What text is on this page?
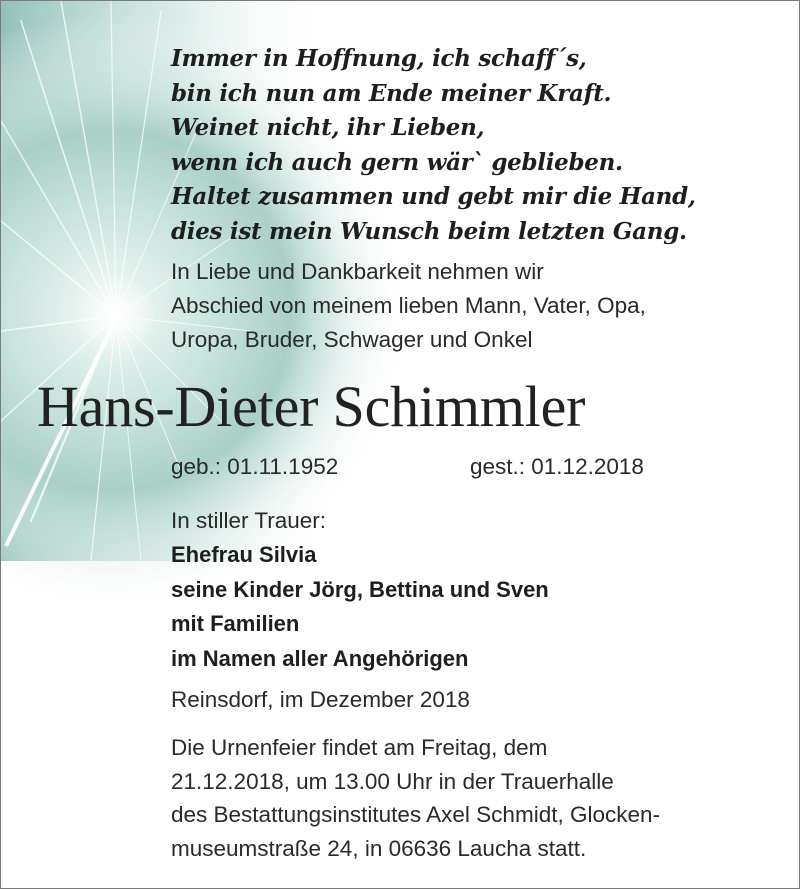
Immer in Hoffnung, ich schaff´s,
bin ich nun am Ende meiner Kraft.
Weinet nicht, ihr Lieben,
wenn ich auch gern wär` geblieben.
Haltet zusammen und gebt mir die Hand,
dies ist mein Wunsch beim letzten Gang.
In Liebe und Dankbarkeit nehmen wir
Abschied von meinem lieben Mann, Vater, Opa,
Uropa, Bruder, Schwager und Onkel
Hans-Dieter Schimmler
geb.: 01.11.1952	gest.: 01.12.2018
In stiller Trauer:
Ehefrau Silvia
seine Kinder Jörg, Bettina und Sven
mit Familien
im Namen aller Angehörigen
Reinsdorf, im Dezember 2018
Die Urnenfeier findet am Freitag, dem
21.12.2018, um 13.00 Uhr in der Trauerhalle
des Bestattungsinstitutes Axel Schmidt, Glocken-
museumstraße 24, in 06636 Laucha statt.
